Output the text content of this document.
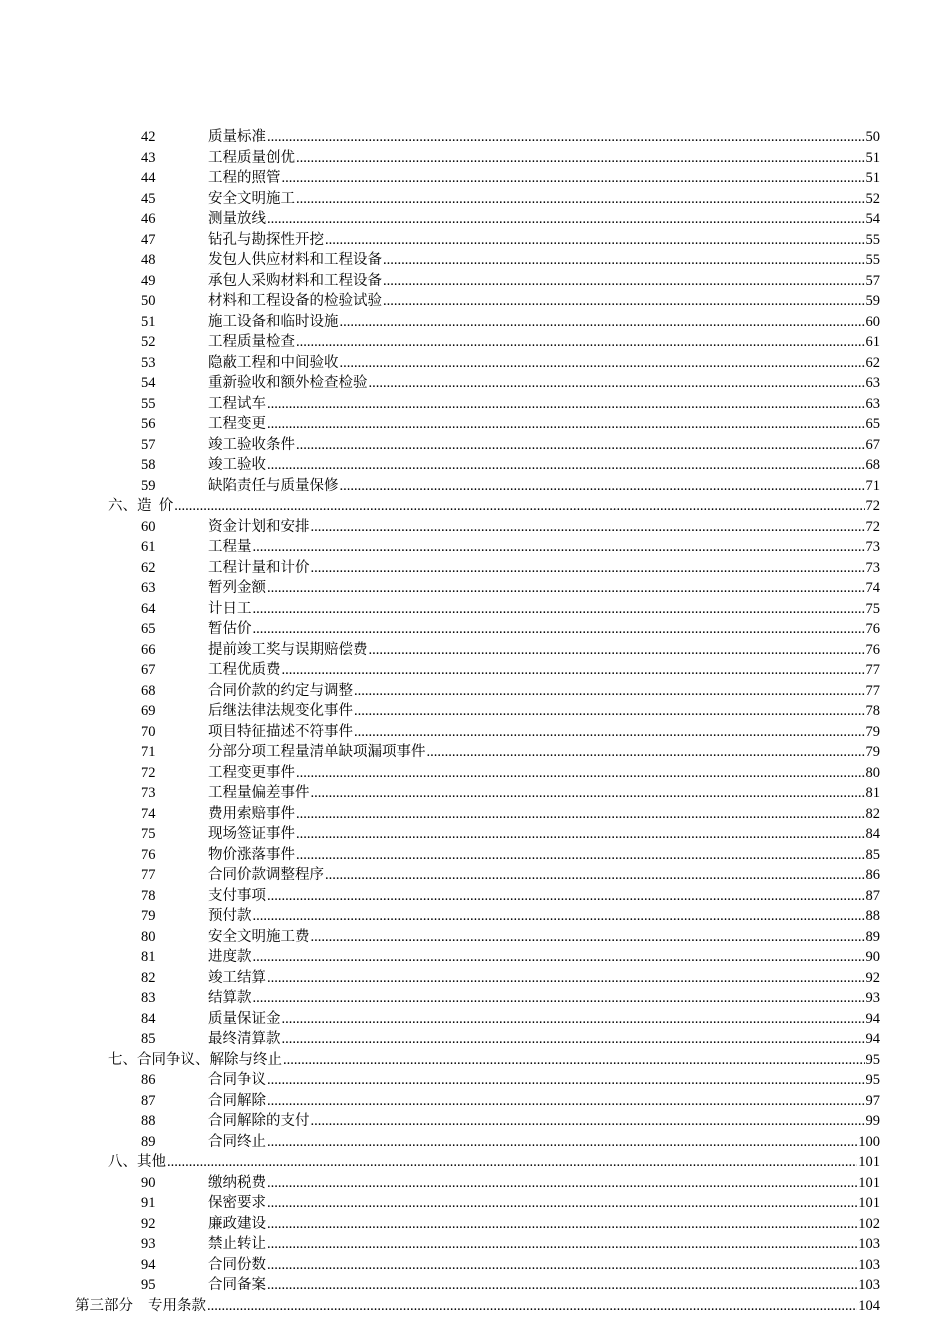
42	质量标准 .....	50
43	工程质量创优 .....	51
44	工程的照管 .....	51
45	安全文明施工 .....	52
46	测量放线 .....	54
47	钻孔与勘探性开挖 .....	55
48	发包人供应材料和工程设备 .....	55
49	承包人采购材料和工程设备 .....	57
50	材料和工程设备的检验试验 .....	59
51	施工设备和临时设施 .....	60
52	工程质量检查 .....	61
53	隐蔽工程和中间验收 .....	62
54	重新验收和额外检查检验 .....	63
55	工程试车 .....	63
56	工程变更 .....	65
57	竣工验收条件 .....	67
58	竣工验收 .....	68
59	缺陷责任与质量保修 .....	71
六、造  价 .....	72
60	资金计划和安排 .....	72
61	工程量 .....	73
62	工程计量和计价 .....	73
63	暂列金额 .....	74
64	计日工 .....	75
65	暂估价 .....	76
66	提前竣工奖与误期赔偿费 .....	76
67	工程优质费 .....	77
68	合同价款的约定与调整 .....	77
69	后继法律法规变化事件 .....	78
70	项目特征描述不符事件 .....	79
71	分部分项工程量清单缺项漏项事件 .....	79
72	工程变更事件 .....	80
73	工程量偏差事件 .....	81
74	费用索赔事件 .....	82
75	现场签证事件 .....	84
76	物价涨落事件 .....	85
77	合同价款调整程序 .....	86
78	支付事项 .....	87
79	预付款 .....	88
80	安全文明施工费 .....	89
81	进度款 .....	90
82	竣工结算 .....	92
83	结算款 .....	93
84	质量保证金 .....	94
85	最终清算款 .....	94
七、合同争议、解除与终止 .....	95
86	合同争议 .....	95
87	合同解除 .....	97
88	合同解除的支付 .....	99
89	合同终止 .....	100
八、其他 .....	101
90	缴纳税费 .....	101
91	保密要求 .....	101
92	廉政建设 .....	102
93	禁止转让 .....	103
94	合同份数 .....	103
95	合同备案 .....	103
第三部分 专用条款 .....	104
